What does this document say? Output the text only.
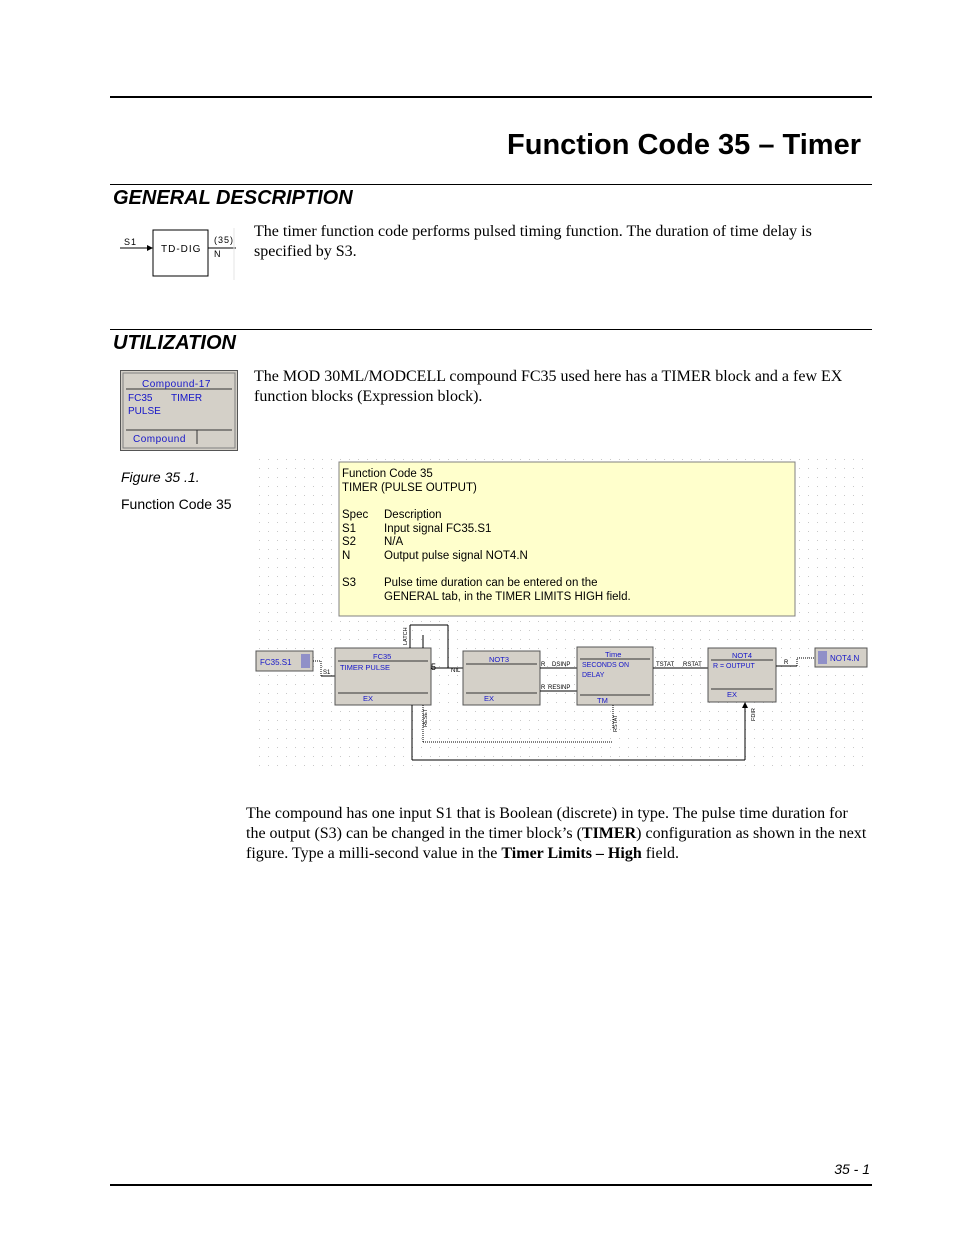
Function Code 35 – Timer
GENERAL DESCRIPTION
S1
TD-DIG
(35)
N
The timer function code performs pulsed timing function. The duration of time delay is specified by S3.
UTILIZATION
Compound-17
FC35 TIMER
PULSE
Compound
The MOD 30ML/MODCELL compound FC35 used here has a TIMER block and a few EX function blocks (Expression block).
Figure 35 .1.
Function Code 35
Function Code 35
TIMER (PULSE OUTPUT)
Spec Description
S1 Input signal FC35.S1
S2 N/A
N	Output pulse signal NOT4.N
S3 Pulse time duration can be entered on the
GENERAL tab, in the TIMER LIMITS HIGH field.
FC35.S1
S1
FC35
TIMER PULSE
EX
LATCH
5 NIL
NOT3
EX
R DSINP
R RESINP
Time
SECONDS ON
DELAY
TM
TSTAT RSTAT
RSTAT
NOT4
R = OUTPUT
EX
R	NOT4.N
RESET	FDIR
The compound has one input S1 that is Boolean (discrete) in type. The pulse time duration for the output (S3) can be changed in the timer block’s (TIMER) configuration as shown in the next figure. Type a milli-second value in the Timer Limits – High field.
35 - 1
